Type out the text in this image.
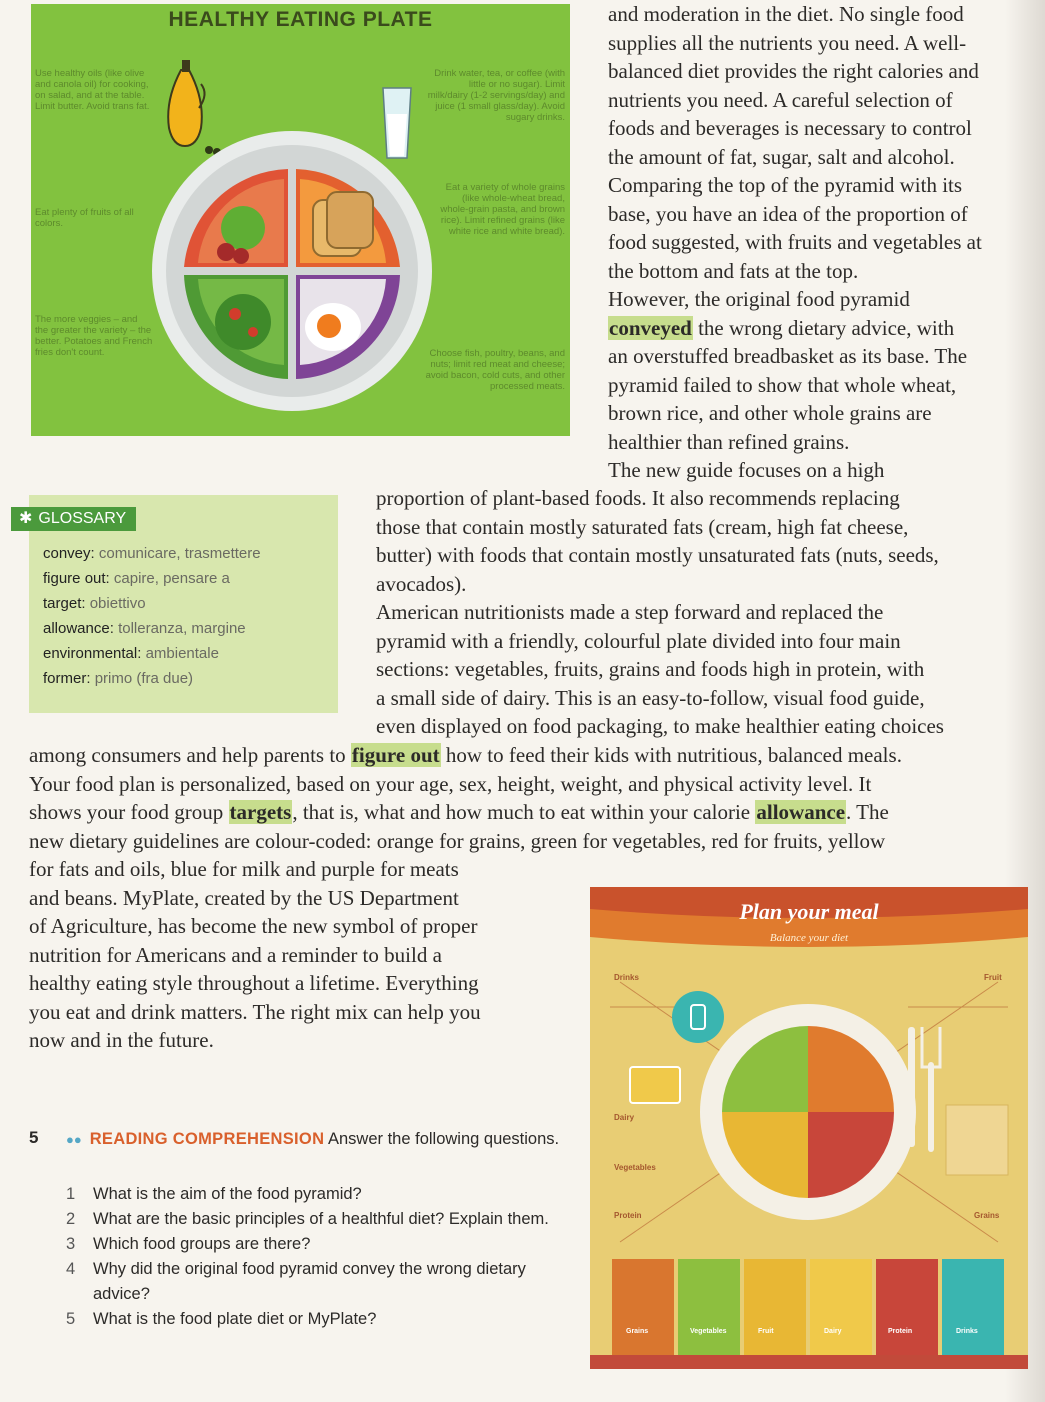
HEALTHY EATING PLATE
Use healthy oils (like olive and canola oil) for cooking, on salad, and at the table. Limit butter. Avoid trans fat.
Drink water, tea, or coffee (with little or no sugar). Limit milk/dairy (1-2 servings/day) and juice (1 small glass/day). Avoid sugary drinks.
Eat plenty of fruits of all colors.
Eat a variety of whole grains (like whole-wheat bread, whole-grain pasta, and brown rice). Limit refined grains (like white rice and white bread).
The more veggies – and the greater the variety – the better. Potatoes and French fries don't count.	Choose fish, poultry, beans, and nuts; limit red meat and cheese; avoid bacon, cold cuts, and other processed meats.

and moderation in the diet. No single food

supplies all the nutrients you need. A well-

balanced diet provides the right calories and

nutrients you need. A careful selection of

foods and beverages is necessary to control

the amount of fat, sugar, salt and alcohol.

Comparing the top of the pyramid with its

base, you have an idea of the proportion of

food suggested, with fruits and vegetables at

the bottom and fats at the top.

However, the original food pyramid

conveyed the wrong dietary advice, with

an overstuffed breadbasket as its base. The

pyramid failed to show that whole wheat,

brown rice, and other whole grains are

healthier than refined grains.

The new guide focuses on a high

✱ GLOSSARY
convey: comunicare, trasmettere
figure out: capire, pensare a
target: obiettivo
allowance: tolleranza, margine
environmental: ambientale
former: primo (fra due)

proportion of plant-based foods. It also recommends replacing

those that contain mostly saturated fats (cream, high fat cheese,

butter) with foods that contain mostly unsaturated fats (nuts, seeds,

avocados).

American nutritionists made a step forward and replaced the

pyramid with a friendly, colourful plate divided into four main

sections: vegetables, fruits, grains and foods high in protein, with

a small side of dairy. This is an easy-to-follow, visual food guide,

even displayed on food packaging, to make healthier eating choices

among consumers and help parents to figure out how to feed their kids with nutritious, balanced meals.

Your food plan is personalized, based on your age, sex, height, weight, and physical activity level. It

shows your food group targets, that is, what and how much to eat within your calorie allowance. The

new dietary guidelines are colour-coded: orange for grains, green for vegetables, red for fruits, yellow

for fats and oils, blue for milk and purple for meats

and beans. MyPlate, created by the US Department

of Agriculture, has become the new symbol of proper

nutrition for Americans and a reminder to build a

healthy eating style throughout a lifetime. Everything

you eat and drink matters. The right mix can help you

now and in the future.

Plan your meal
Balance your diet
Drinks	Fruit
Dairy
Vegetables
Protein	Grains
Grains	Vegetables	Fruit	Dairy	Protein	Drinks
5 ●● READING COMPREHENSION Answer the following questions.
1 What is the aim of the food pyramid?
2 What are the basic principles of a healthful diet? Explain them.
3 Which food groups are there?
4 Why did the original food pyramid convey the wrong dietary advice?
5 What is the food plate diet or MyPlate?
